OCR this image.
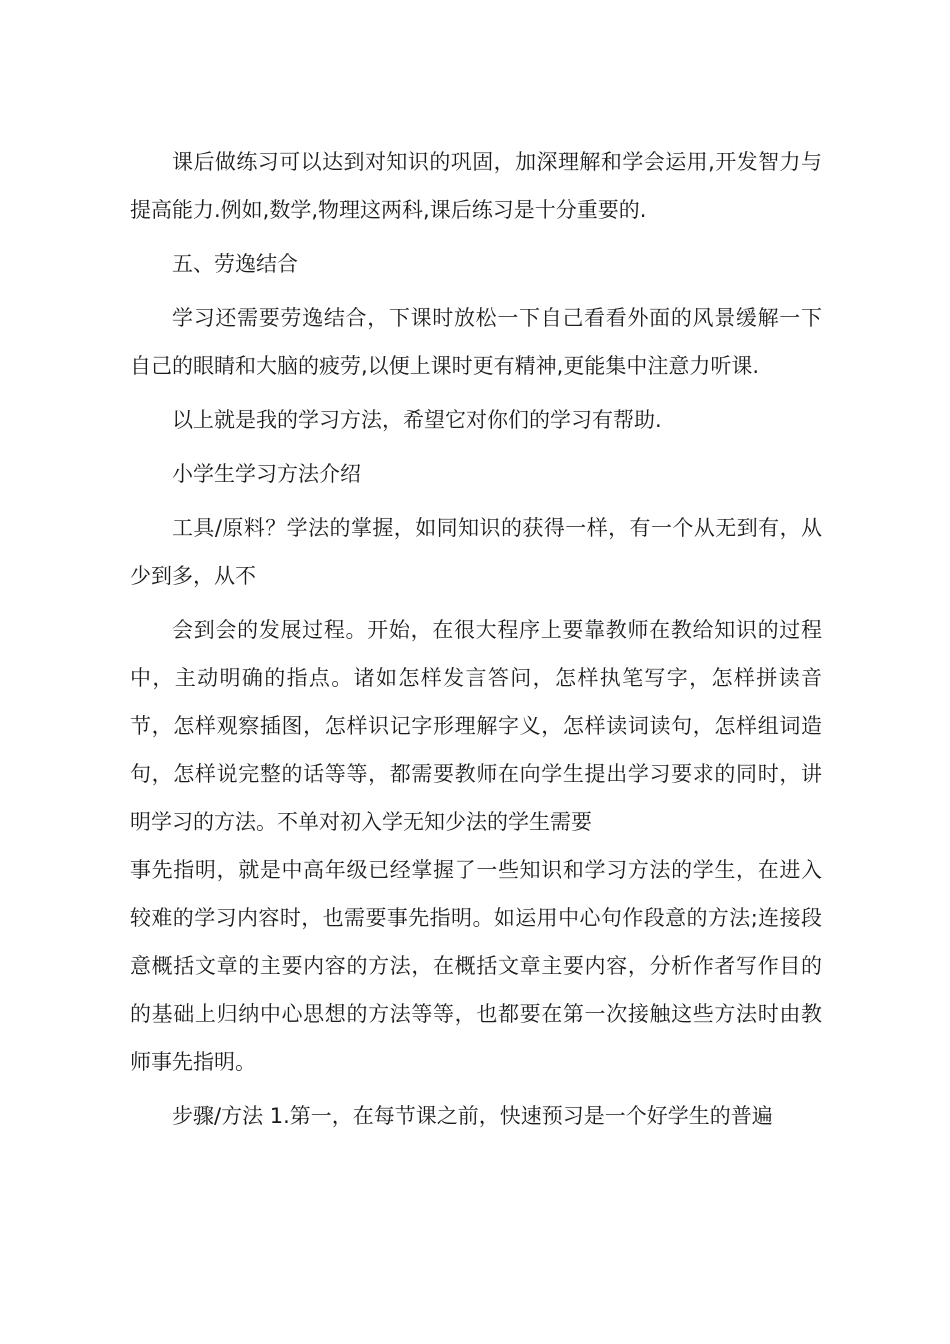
课后做练习可以达到对知识的巩固，加深理解和学会运用,开发智力与提高能力.例如,数学,物理这两科,课后练习是十分重要的.

五、劳逸结合

学习还需要劳逸结合，下课时放松一下自己看看外面的风景缓解一下自己的眼睛和大脑的疲劳,以便上课时更有精神,更能集中注意力听课.

以上就是我的学习方法，希望它对你们的学习有帮助.

小学生学习方法介绍

工具/原料？学法的掌握，如同知识的获得一样，有一个从无到有，从少到多，从不

会到会的发展过程。开始，在很大程序上要靠教师在教给知识的过程中，主动明确的指点。诸如怎样发言答问，怎样执笔写字，怎样拼读音节，怎样观察插图，怎样识记字形理解字义，怎样读词读句，怎样组词造句，怎样说完整的话等等，都需要教师在向学生提出学习要求的同时，讲明学习的方法。不单对初入学无知少法的学生需要

事先指明，就是中高年级已经掌握了一些知识和学习方法的学生，在进入较难的学习内容时，也需要事先指明。如运用中心句作段意的方法;连接段意概括文章的主要内容的方法，在概括文章主要内容，分析作者写作目的的基础上归纳中心思想的方法等等，也都要在第一次接触这些方法时由教师事先指明。

步骤/方法 1.第一，在每节课之前，快速预习是一个好学生的普遍
